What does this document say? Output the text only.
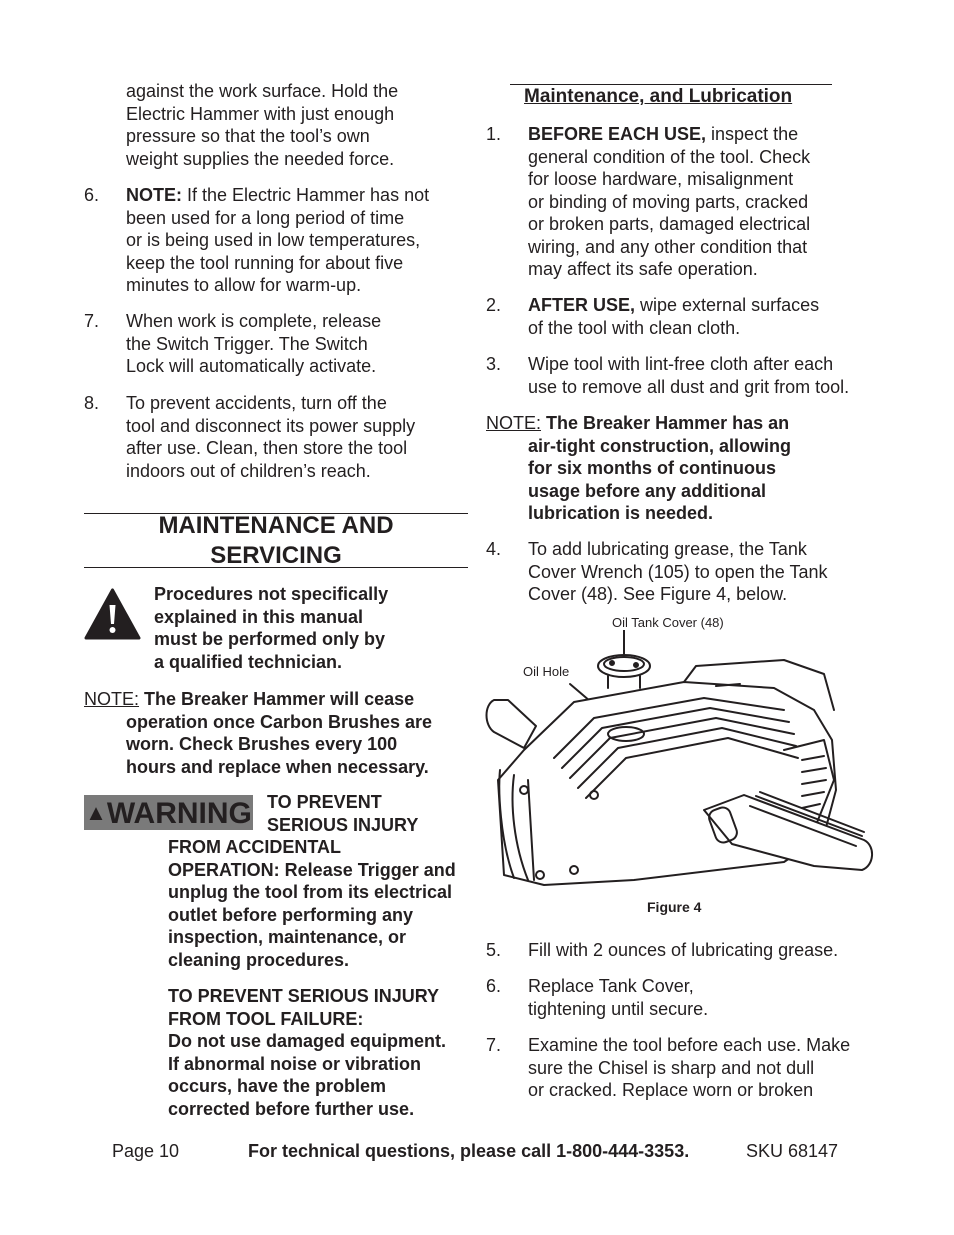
against the work surface. Hold the
Electric Hammer with just enough
pressure so that the tool’s own
weight supplies the needed force.
6. NOTE: If the Electric Hammer has not
been used for a long period of time
or is being used in low temperatures,
keep the tool running for about five
minutes to allow for warm-up.
7. When work is complete, release
the Switch Trigger. The Switch
Lock will automatically activate.
8. To prevent accidents, turn off the
tool and disconnect its power supply
after use. Clean, then store the tool
indoors out of children’s reach.
MAINTENANCE AND
SERVICING
Procedures not specifically
explained in this manual
must be performed only by
a qualified technician.
NOTE: The Breaker Hammer will cease
operation once Carbon Brushes are
worn. Check Brushes every 100
hours and replace when necessary.
▲WARNING TO PREVENT
SERIOUS INJURY
FROM ACCIDENTAL
OPERATION: Release Trigger and
unplug the tool from its electrical
outlet before performing any
inspection, maintenance, or
cleaning procedures.
TO PREVENT SERIOUS INJURY
FROM TOOL FAILURE:
Do not use damaged equipment.
If abnormal noise or vibration
occurs, have the problem
corrected before further use.
Maintenance, and Lubrication
1. BEFORE EACH USE, inspect the
general condition of the tool. Check
for loose hardware, misalignment
or binding of moving parts, cracked
or broken parts, damaged electrical
wiring, and any other condition that
may affect its safe operation.
2. AFTER USE, wipe external surfaces
of the tool with clean cloth.
3. Wipe tool with lint-free cloth after each
use to remove all dust and grit from tool.
NOTE: The Breaker Hammer has an
air-tight construction, allowing
for six months of continuous
usage before any additional
lubrication is needed.
4. To add lubricating grease, the Tank
Cover Wrench (105) to open the Tank
Cover (48). See Figure 4, below.
Oil Tank Cover (48)
Oil Hole
Figure 4
5. Fill with 2 ounces of lubricating grease.
6. Replace Tank Cover,
tightening until secure.
7. Examine the tool before each use. Make
sure the Chisel is sharp and not dull
or cracked. Replace worn or broken
Page 10	For technical questions, please call 1-800-444-3353.	SKU 68147
